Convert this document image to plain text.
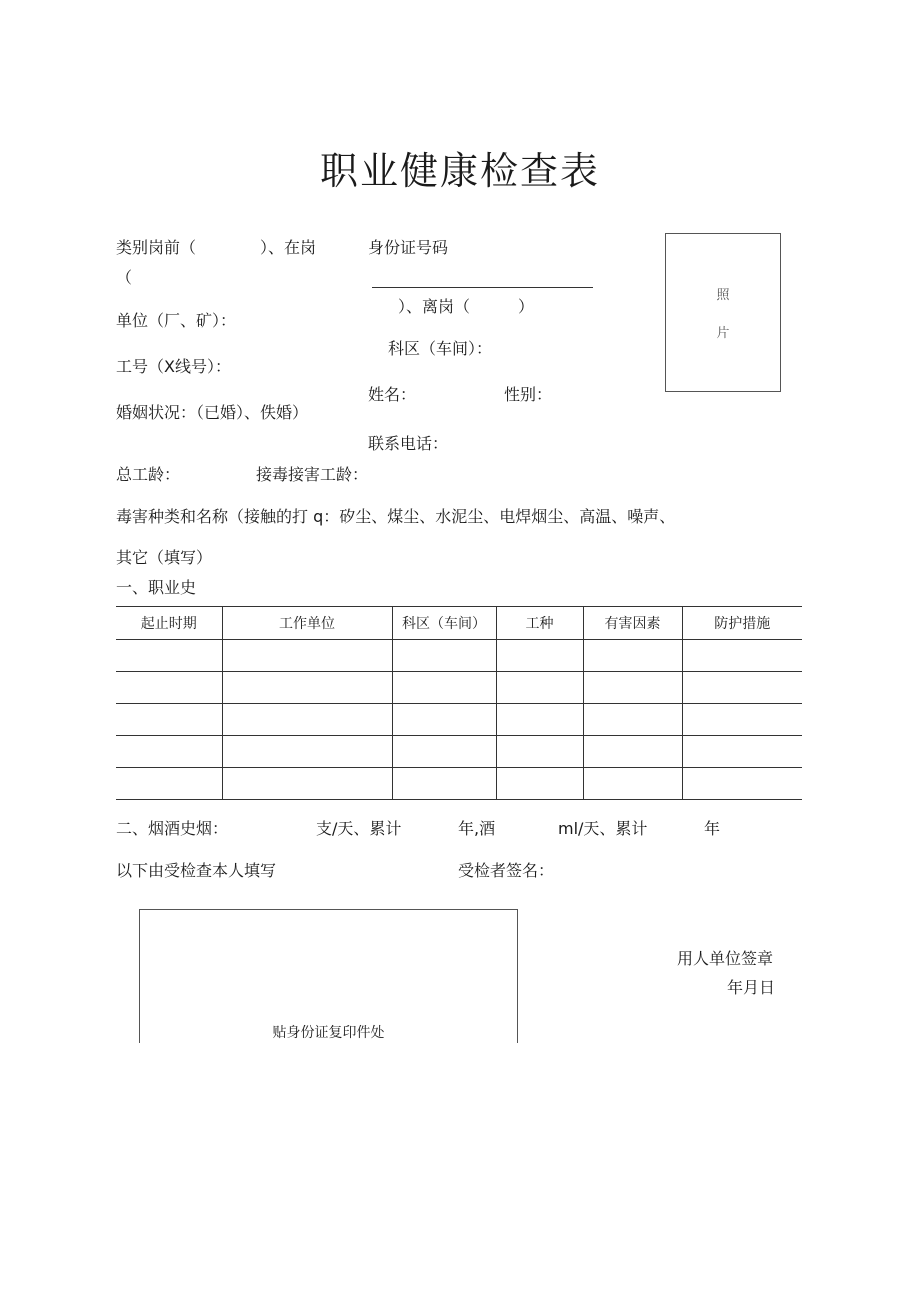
职业健康检查表
类别岗前（　　　　）、在岗
（
身份证号码
）、离岗（　　　）
单位（厂、矿）：
科区（车间）：
工号（X线号）：
姓名：	性别：
婚姻状况：（已婚）、佚婚）
联系电话：
总工龄：	接毒接害工龄：
毒害种类和名称（接触的打 q：矽尘、煤尘、水泥尘、电焊烟尘、高温、噪声、
其它（填写）
照
片
一、职业史
起止时期	工作单位	科区（车间）	工种	有害因素	防护措施

二、烟酒史烟：	支/天、累计	年,酒	ml/天、累计	年
以下由受检查本人填写	受检者签名：
贴身份证复印件处
用人单位签章
年月日
